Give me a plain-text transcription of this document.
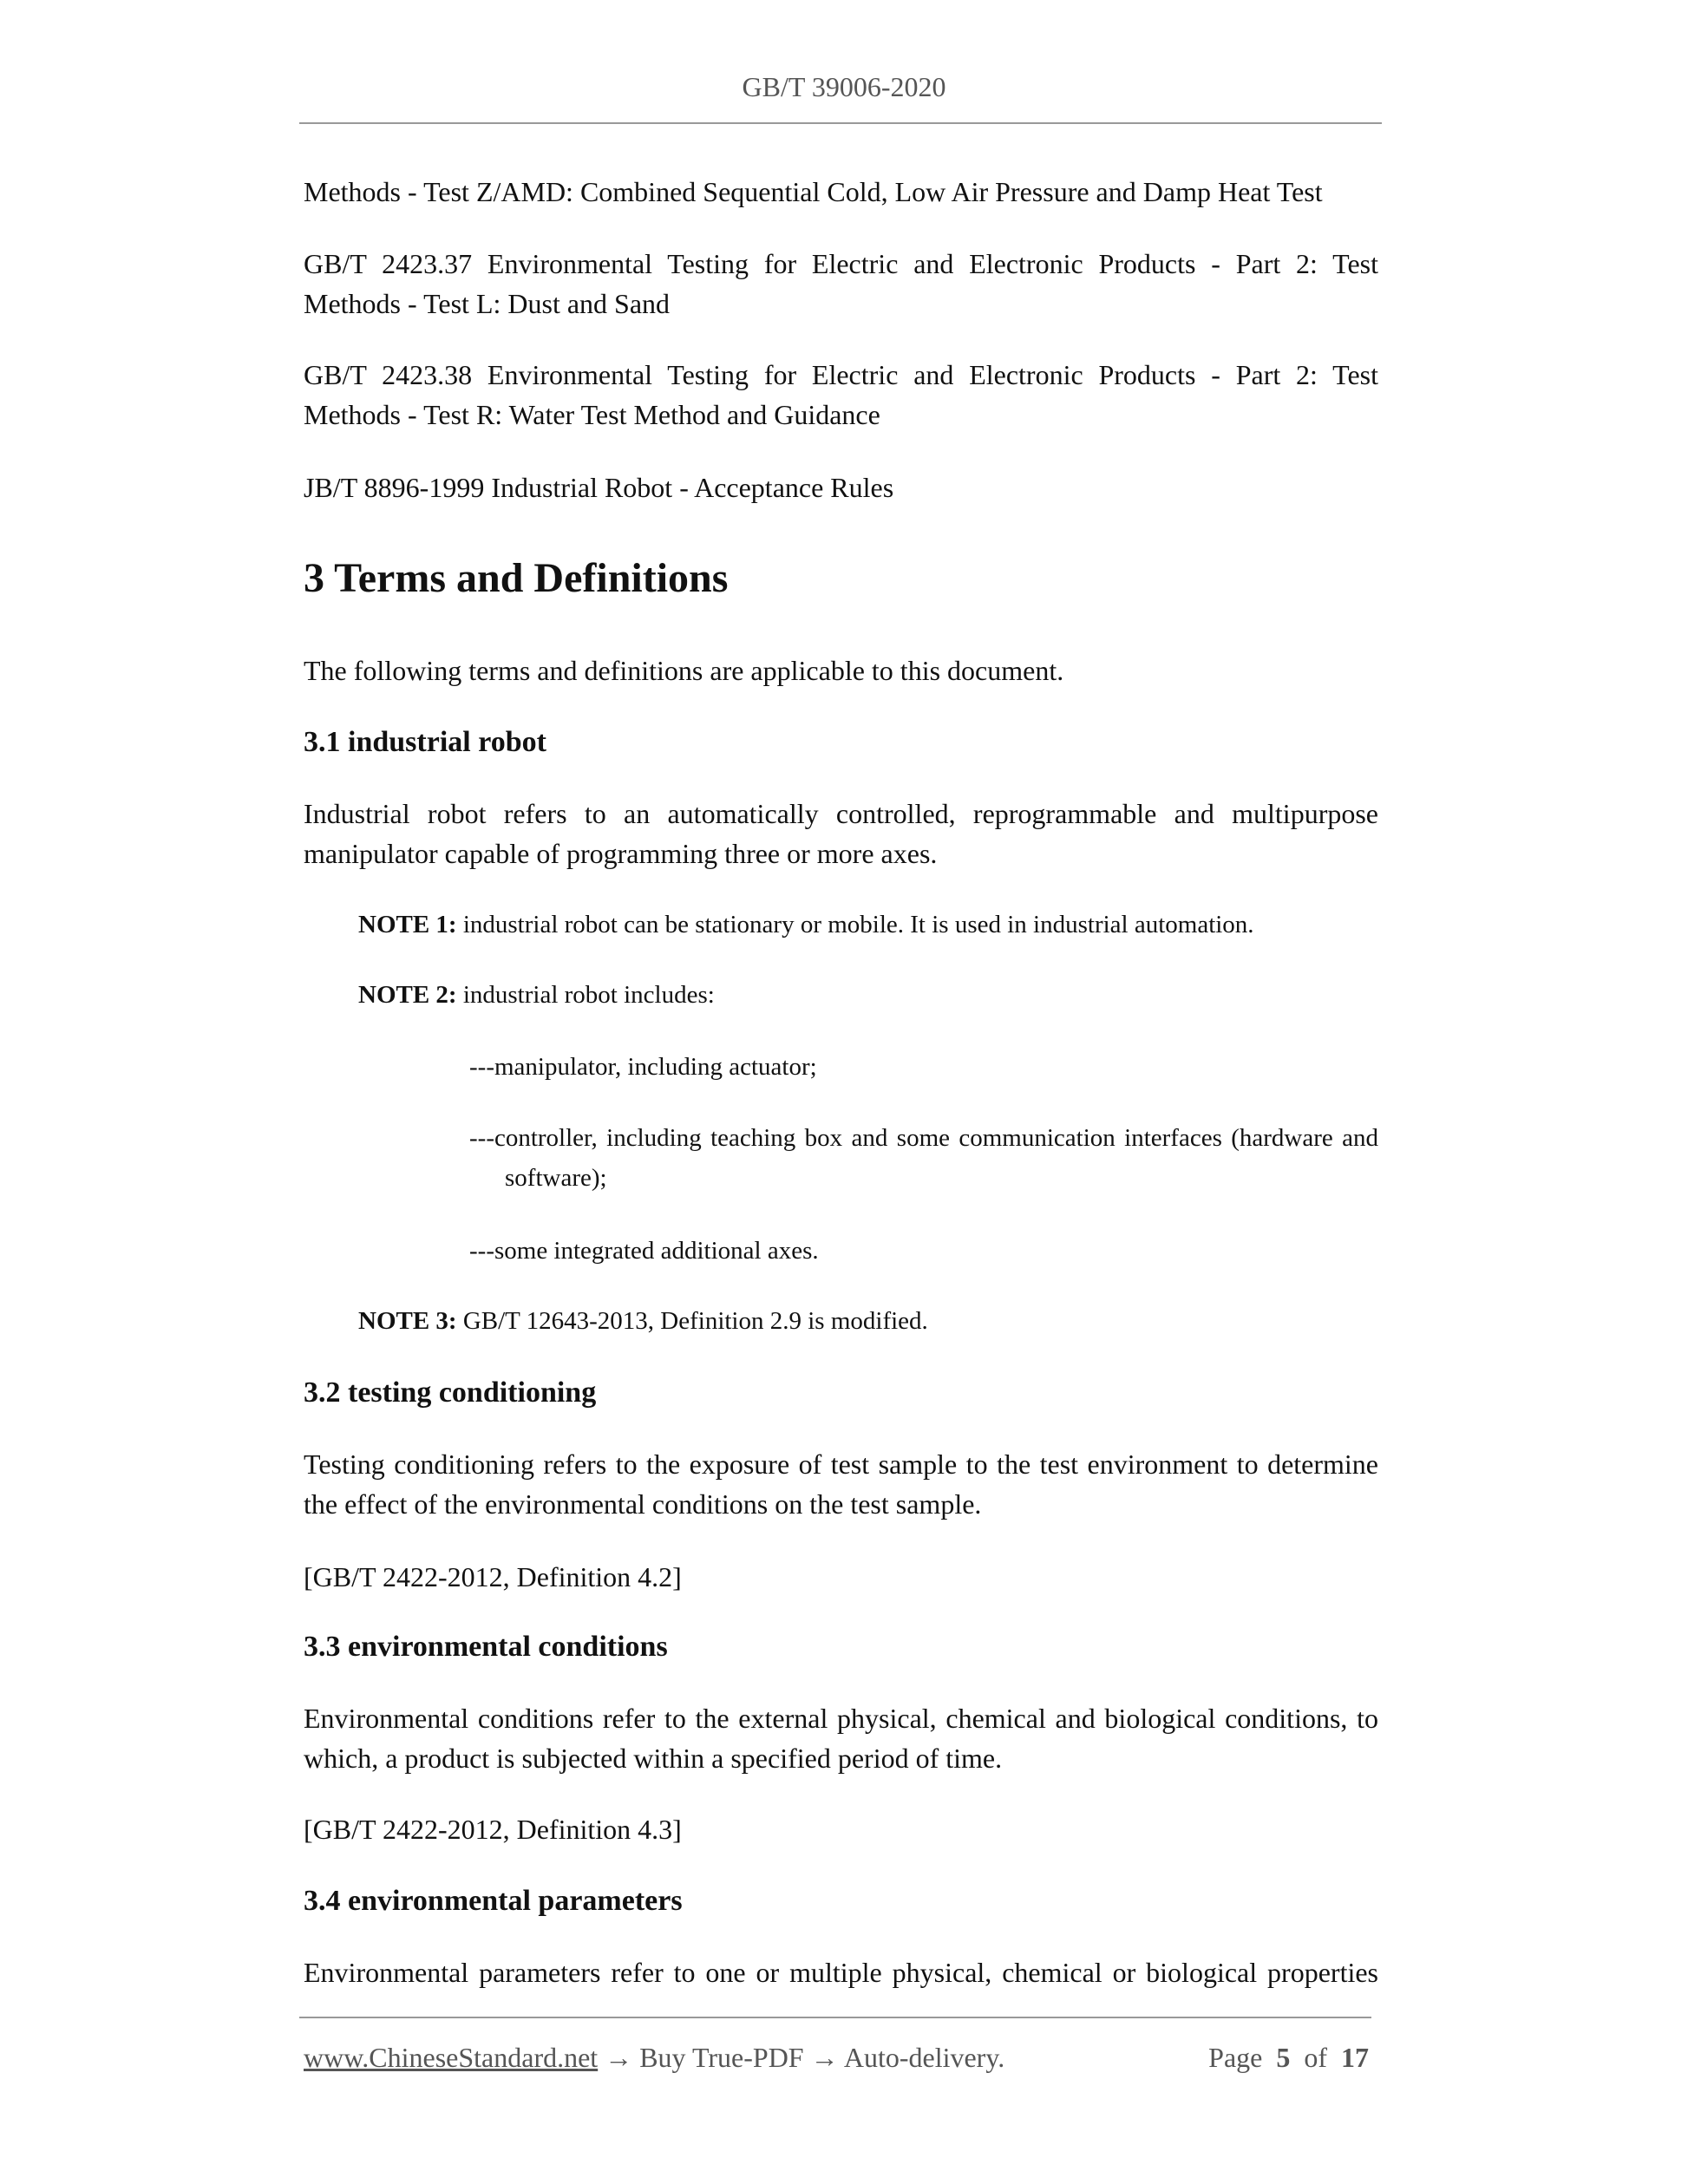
GB/T 39006-2020
Methods - Test Z/AMD: Combined Sequential Cold, Low Air Pressure and Damp Heat Test
GB/T 2423.37 Environmental Testing for Electric and Electronic Products - Part 2: Test
Methods - Test L: Dust and Sand
GB/T 2423.38 Environmental Testing for Electric and Electronic Products - Part 2: Test
Methods - Test R: Water Test Method and Guidance
JB/T 8896-1999 Industrial Robot - Acceptance Rules
3 Terms and Definitions
The following terms and definitions are applicable to this document.
3.1 industrial robot
Industrial robot refers to an automatically controlled, reprogrammable and multipurpose
manipulator capable of programming three or more axes.
NOTE 1: industrial robot can be stationary or mobile. It is used in industrial automation.
NOTE 2: industrial robot includes:
---manipulator, including actuator;
---controller, including teaching box and some communication interfaces (hardware and
software);
---some integrated additional axes.
NOTE 3: GB/T 12643-2013, Definition 2.9 is modified.
3.2 testing conditioning
Testing conditioning refers to the exposure of test sample to the test environment to determine
the effect of the environmental conditions on the test sample.
[GB/T 2422-2012, Definition 4.2]
3.3 environmental conditions
Environmental conditions refer to the external physical, chemical and biological conditions, to
which, a product is subjected within a specified period of time.
[GB/T 2422-2012, Definition 4.3]
3.4 environmental parameters
Environmental parameters refer to one or multiple physical, chemical or biological properties
www.ChineseStandard.net → Buy True-PDF → Auto-delivery.	Page 5 of 17
